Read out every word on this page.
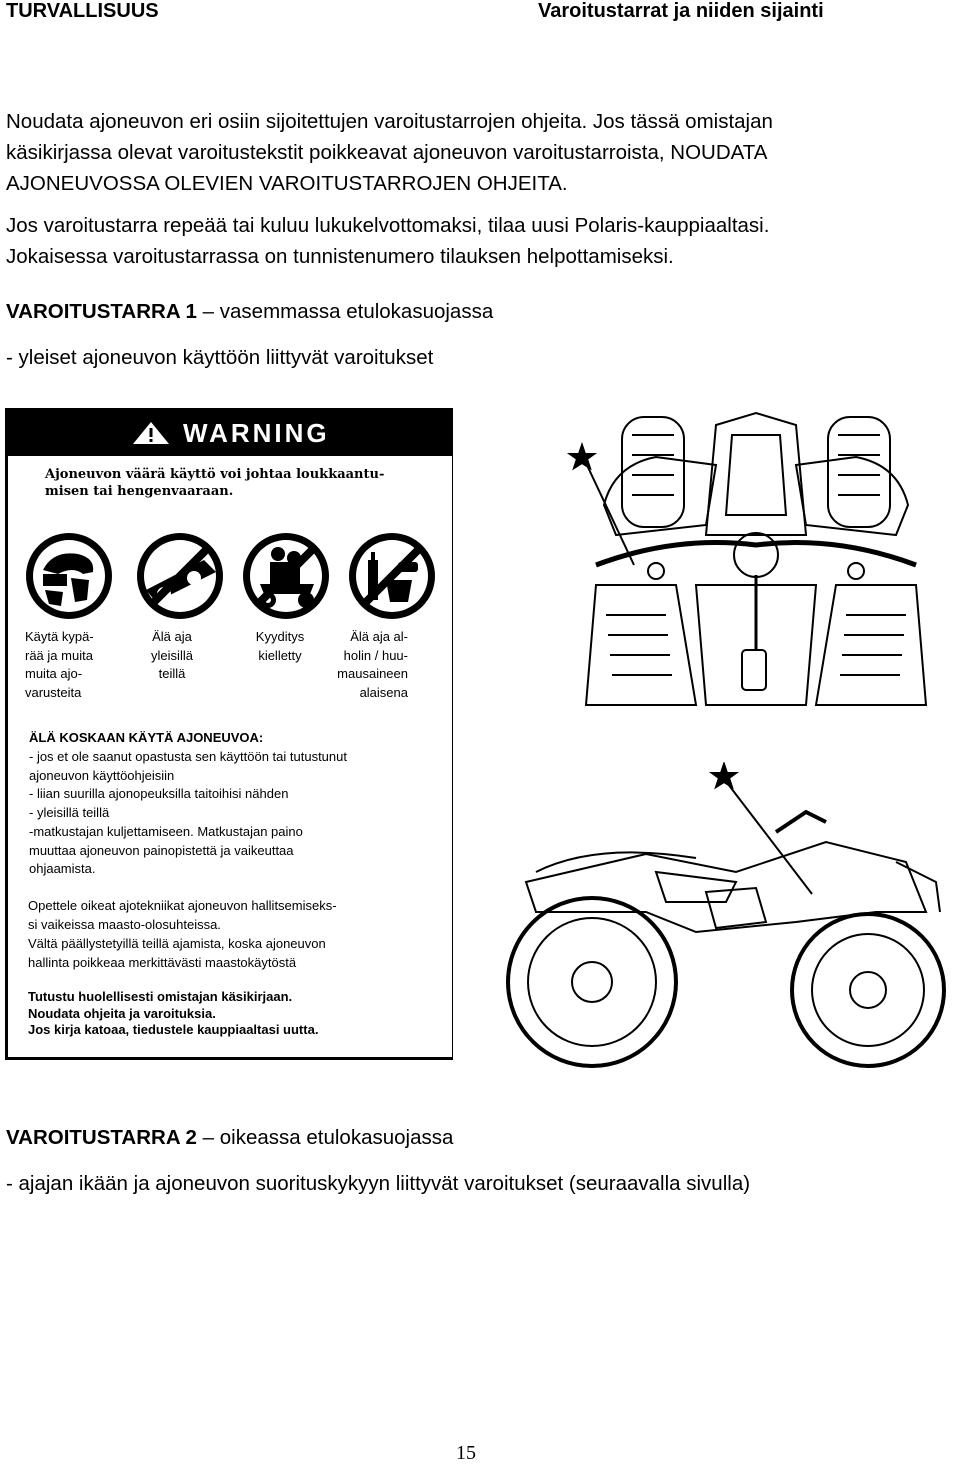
TURVALLISUUS	Varoitustarrat ja niiden sijainti
Noudata ajoneuvon eri osiin sijoitettujen varoitustarrojen ohjeita. Jos tässä omistajan
käsikirjassa olevat varoitustekstit poikkeavat ajoneuvon varoitustarroista, NOUDATA
AJONEUVOSSA OLEVIEN VAROITUSTARROJEN OHJEITA.
Jos varoitustarra repeää tai kuluu lukukelvottomaksi, tilaa uusi Polaris-kauppiaaltasi.
Jokaisessa varoitustarrassa on tunnistenumero tilauksen helpottamiseksi.
VAROITUSTARRA 1 – vasemmassa etulokasuojassa
- yleiset ajoneuvon käyttöön liittyvät varoitukset
WARNING
Ajoneuvon väärä käyttö voi johtaa loukkaantu-
misen tai hengenvaaraan.
Käytä kypä-
rää ja muita
muita ajo-
varusteita
Älä aja
yleisillä
teillä
Kyyditys
kielletty
Älä aja al-
holin / huu-
mausaineen
alaisena
ÄLÄ KOSKAAN KÄYTÄ AJONEUVOA:
- jos et ole saanut opastusta sen käyttöön tai tutustunut
ajoneuvon käyttöohjeisiin
- liian suurilla ajonopeuksilla taitoihisi nähden
- yleisillä teillä
-matkustajan kuljettamiseen. Matkustajan paino
muuttaa ajoneuvon painopistettä ja vaikeuttaa
ohjaamista.
Opettele oikeat ajotekniikat ajoneuvon hallitsemiseks-
si vaikeissa maasto-olosuhteissa.
Vältä päällystetyillä teillä ajamista, koska ajoneuvon
hallinta poikkeaa merkittävästi maastokäytöstä
Tutustu huolellisesti omistajan käsikirjaan.
Noudata ohjeita ja varoituksia.
Jos kirja katoaa, tiedustele kauppiaaltasi uutta.
VAROITUSTARRA 2 – oikeassa etulokasuojassa
- ajajan ikään ja ajoneuvon suorituskykyyn liittyvät varoitukset (seuraavalla sivulla)
15
